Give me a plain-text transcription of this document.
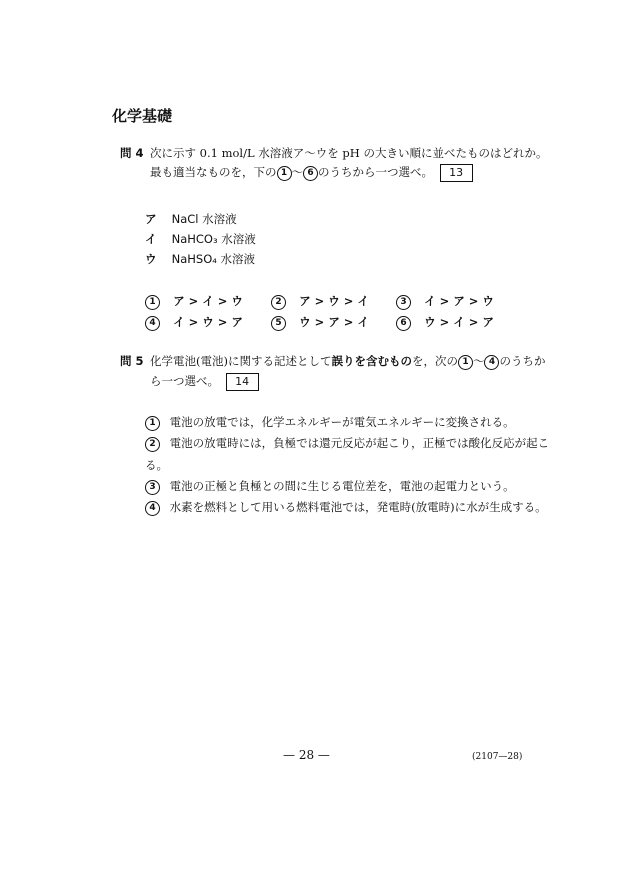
化学基礎
問 4 次に示す 0.1 mol/L 水溶液ア～ウを pH の大きい順に並べたものはどれか。
最も適当なものを，下の 1 ～ 6 のうちから一つ選べ。 13
ア NaCl 水溶液
イ NaHCO₃ 水溶液
ウ NaHSO₄ 水溶液
1 ア > イ > ウ	2 ア > ウ > イ	3 イ > ア > ウ
4 イ > ウ > ア	5 ウ > ア > イ	6 ウ > イ > ア
問 5 化学電池(電池)に関する記述として誤りを含むものを，次の 1 ～ 4 のうちか
ら一つ選べ。 14
1 電池の放電では，化学エネルギーが電気エネルギーに変換される。
2 電池の放電時には，負極では還元反応が起こり，正極では酸化反応が起こ
る。
3 電池の正極と負極との間に生じる電位差を，電池の起電力という。
4 水素を燃料として用いる燃料電池では，発電時(放電時)に水が生成する。
— 28 —	(2107—28)
